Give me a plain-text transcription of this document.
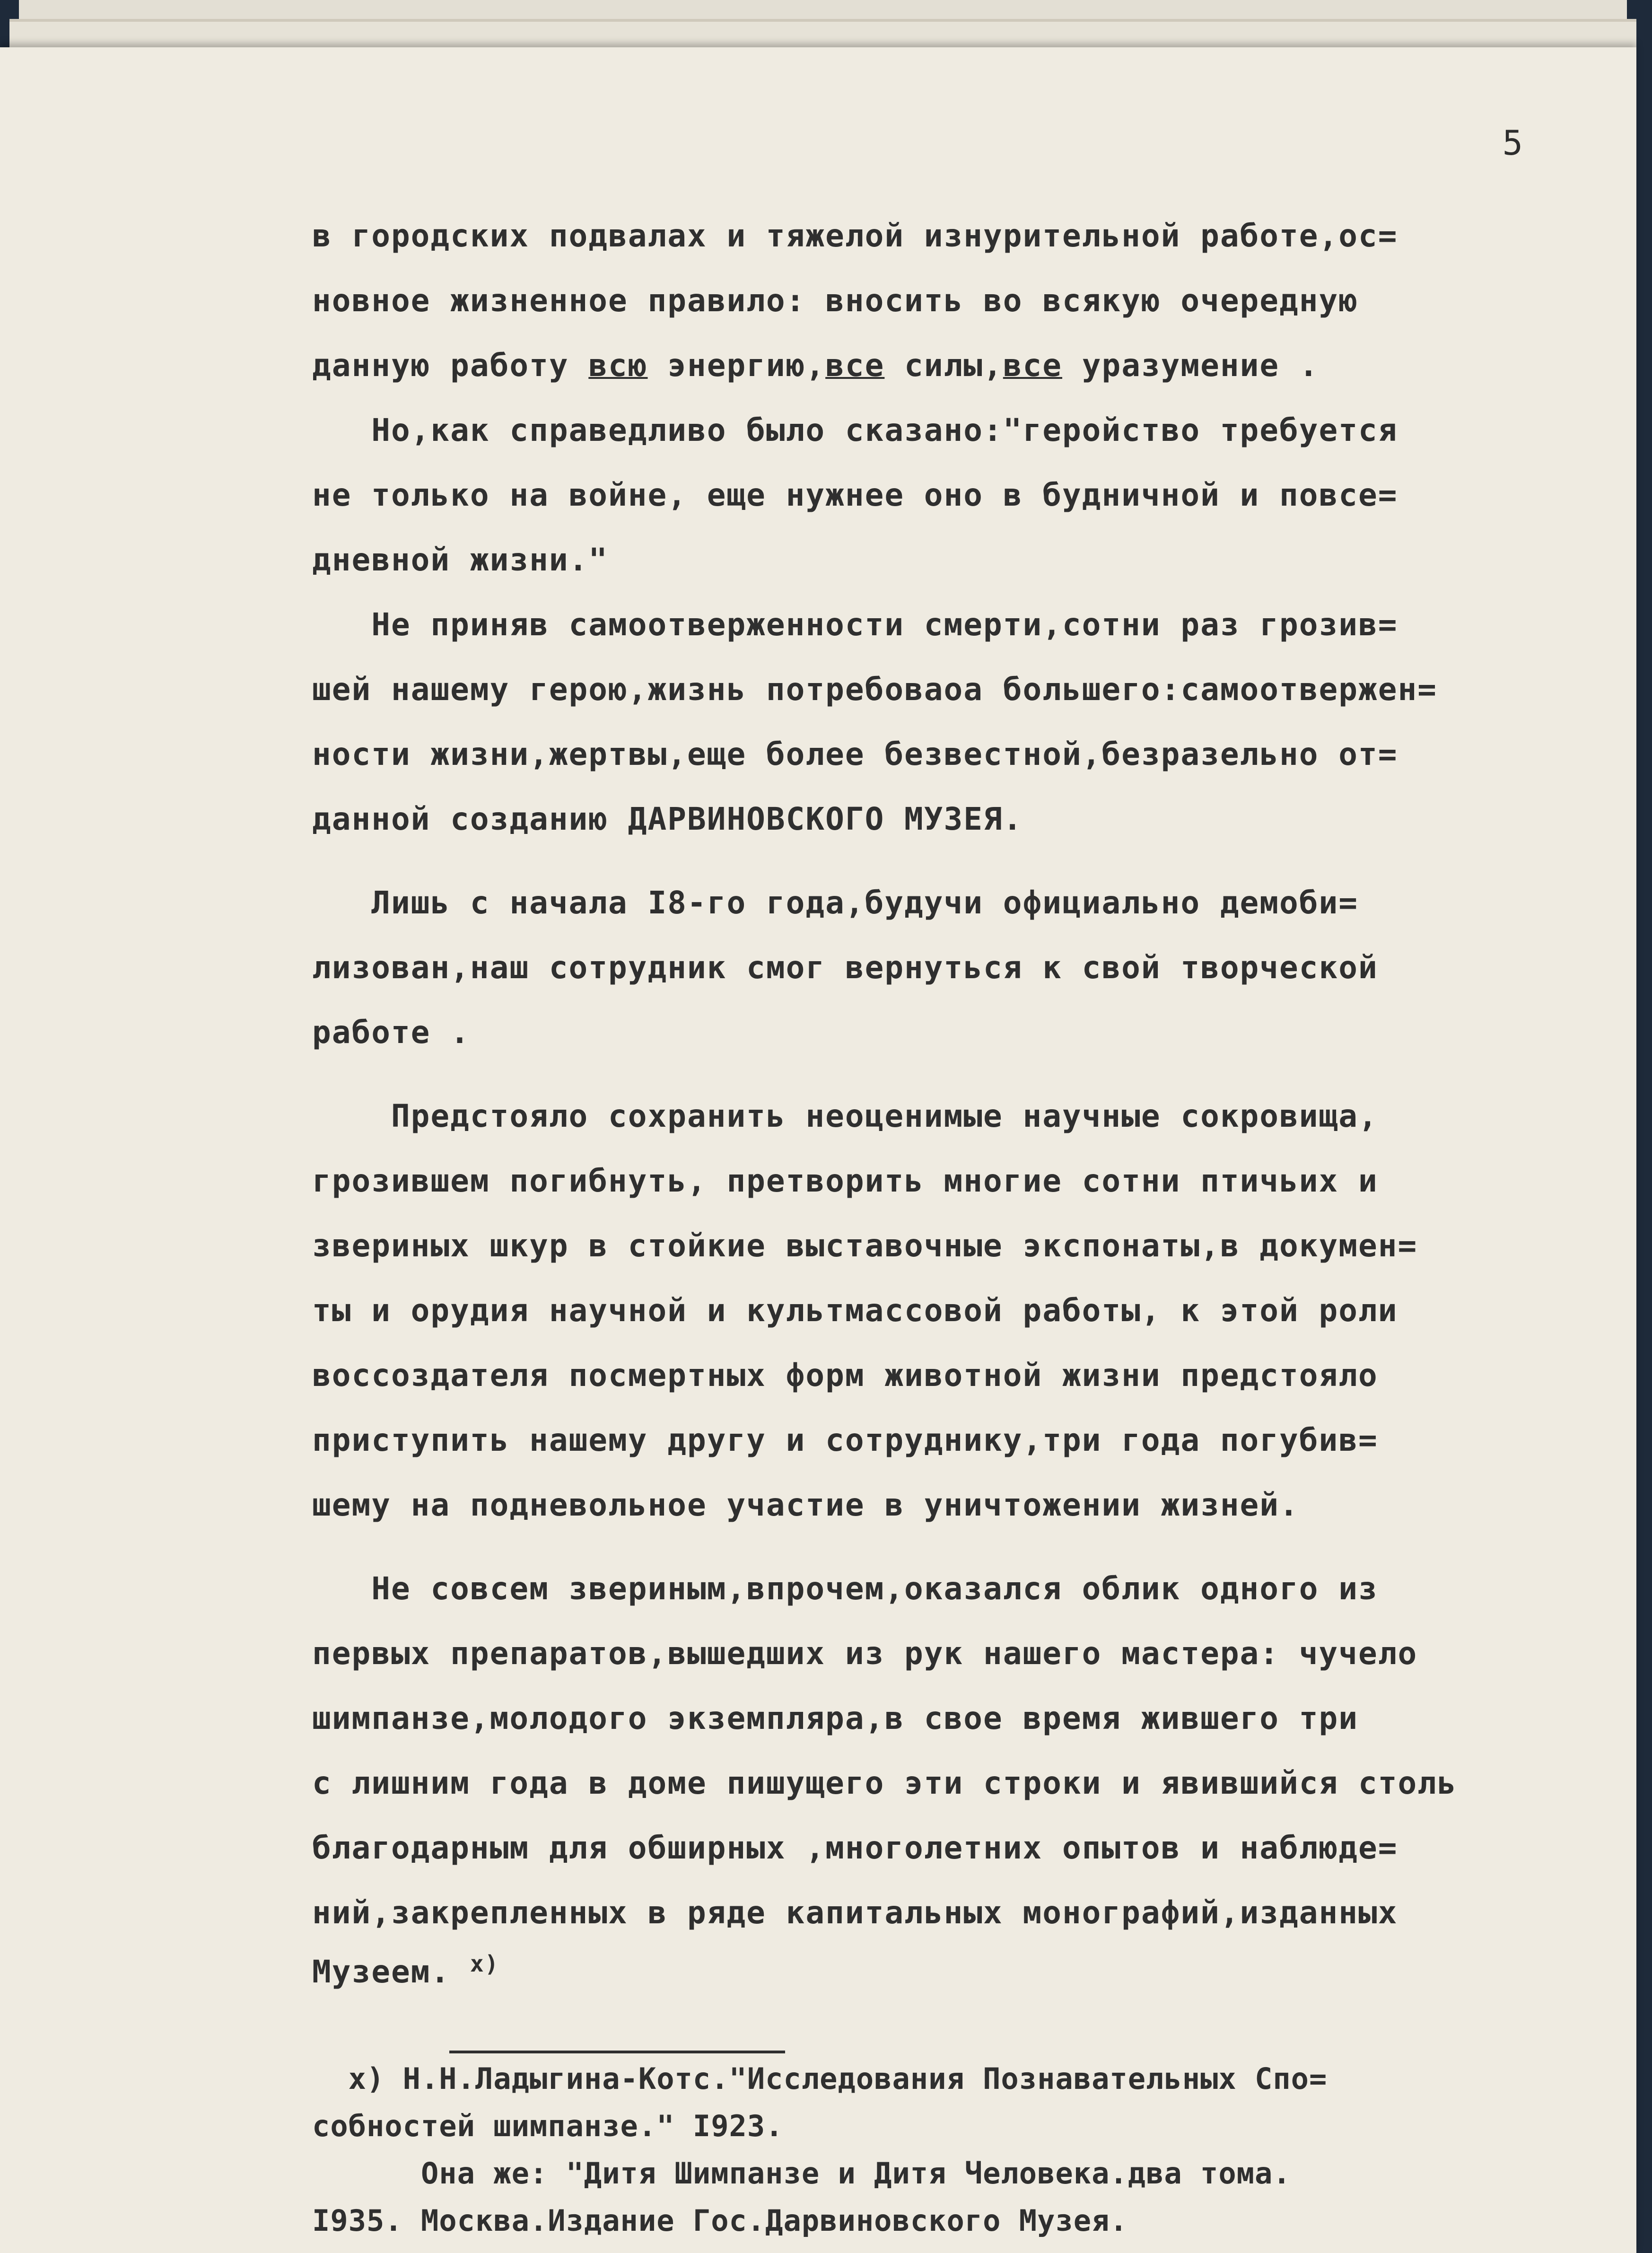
5
в городских подвалах и тяжелой изнурительной работе,ос=
новное жизненное правило: вносить во всякую очередную
данную работу всю энергию,все силы,все уразумение .
Но,как справедливо было сказано:"геройство требуется
не только на войне, еще нужнее оно в будничной и повсе=
дневной жизни."
Не приняв самоотверженности смерти,сотни раз грозив=
шей нашему герою,жизнь потребоваоа большего:самоотвержен=
ности жизни,жертвы,еще более безвестной,безразельно от=
данной созданию ДАРВИНОВСКОГО МУЗЕЯ.
Лишь с начала I8-го года,будучи официально демоби=
лизован,наш сотрудник смог вернуться к свой творческой
работе .
Предстояло сохранить неоценимые научные сокровища,
грозившем погибнуть, претворить многие сотни птичьих и
звериных шкур в стойкие выставочные экспонаты,в докумен=
ты и орудия научной и культмассовой работы, к этой роли
воссоздателя посмертных форм животной жизни предстояло
приступить нашему другу и сотруднику,три года погубив=
шему на подневольное участие в уничтожении жизней.
Не совсем звериным,впрочем,оказался облик одного из
первых препаратов,вышедших из рук нашего мастера: чучело
шимпанзе,молодого экземпляра,в свое время жившего три
с лишним года в доме пишущего эти строки и явившийся столь
благодарным для обширных ,многолетних опытов и наблюде=
ний,закрепленных в ряде капитальных монографий,изданных
Музеем. $^{x)}$
x) Н.Н.Ладыгина-Котс."Исследования Познавательных Спо=
собностей шимпанзе." I923.
Она же: "Дитя Шимпанзе и Дитя Человека.два тома.
I935. Москва.Издание Гос.Дарвиновского Музея.
